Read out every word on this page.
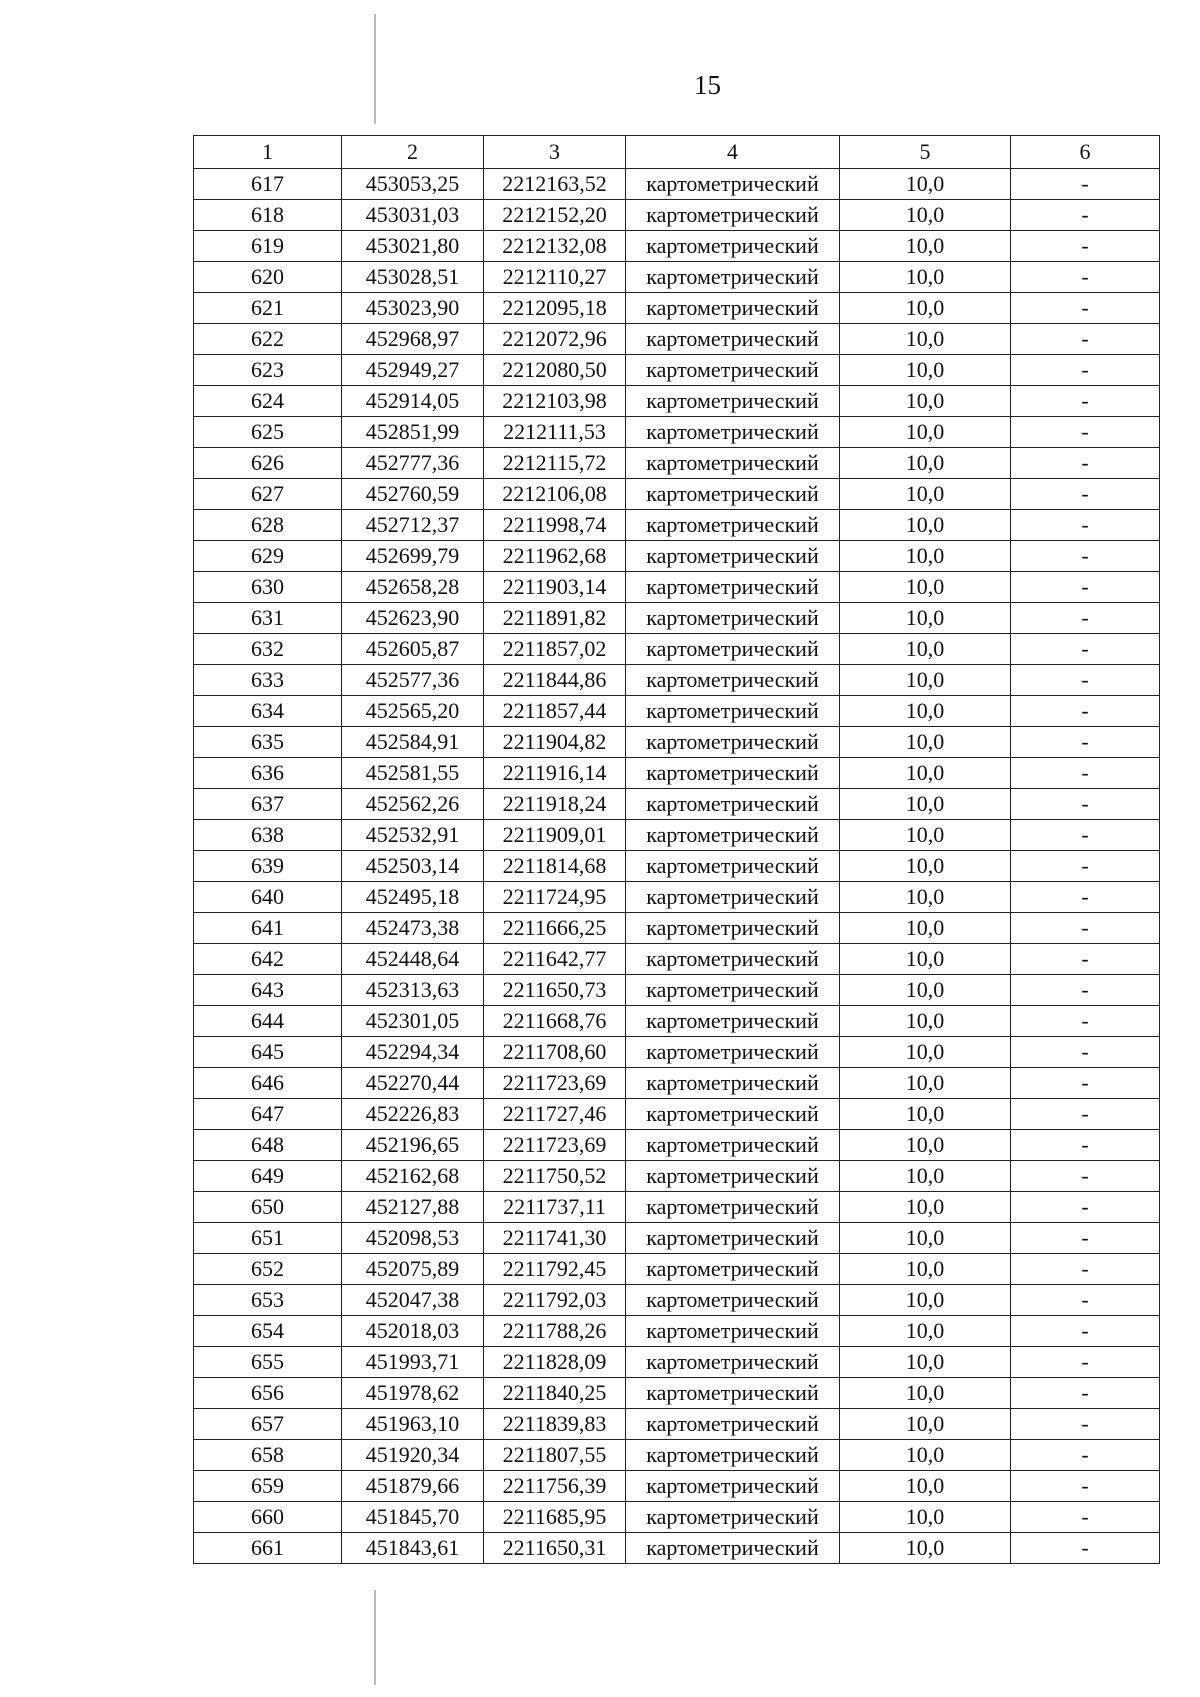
15
1	2	3	4	5	6
617	453053,25	2212163,52	картометрический	10,0	-
618	453031,03	2212152,20	картометрический	10,0	-
619	453021,80	2212132,08	картометрический	10,0	-
620	453028,51	2212110,27	картометрический	10,0	-
621	453023,90	2212095,18	картометрический	10,0	-
622	452968,97	2212072,96	картометрический	10,0	-
623	452949,27	2212080,50	картометрический	10,0	-
624	452914,05	2212103,98	картометрический	10,0	-
625	452851,99	2212111,53	картометрический	10,0	-
626	452777,36	2212115,72	картометрический	10,0	-
627	452760,59	2212106,08	картометрический	10,0	-
628	452712,37	2211998,74	картометрический	10,0	-
629	452699,79	2211962,68	картометрический	10,0	-
630	452658,28	2211903,14	картометрический	10,0	-
631	452623,90	2211891,82	картометрический	10,0	-
632	452605,87	2211857,02	картометрический	10,0	-
633	452577,36	2211844,86	картометрический	10,0	-
634	452565,20	2211857,44	картометрический	10,0	-
635	452584,91	2211904,82	картометрический	10,0	-
636	452581,55	2211916,14	картометрический	10,0	-
637	452562,26	2211918,24	картометрический	10,0	-
638	452532,91	2211909,01	картометрический	10,0	-
639	452503,14	2211814,68	картометрический	10,0	-
640	452495,18	2211724,95	картометрический	10,0	-
641	452473,38	2211666,25	картометрический	10,0	-
642	452448,64	2211642,77	картометрический	10,0	-
643	452313,63	2211650,73	картометрический	10,0	-
644	452301,05	2211668,76	картометрический	10,0	-
645	452294,34	2211708,60	картометрический	10,0	-
646	452270,44	2211723,69	картометрический	10,0	-
647	452226,83	2211727,46	картометрический	10,0	-
648	452196,65	2211723,69	картометрический	10,0	-
649	452162,68	2211750,52	картометрический	10,0	-
650	452127,88	2211737,11	картометрический	10,0	-
651	452098,53	2211741,30	картометрический	10,0	-
652	452075,89	2211792,45	картометрический	10,0	-
653	452047,38	2211792,03	картометрический	10,0	-
654	452018,03	2211788,26	картометрический	10,0	-
655	451993,71	2211828,09	картометрический	10,0	-
656	451978,62	2211840,25	картометрический	10,0	-
657	451963,10	2211839,83	картометрический	10,0	-
658	451920,34	2211807,55	картометрический	10,0	-
659	451879,66	2211756,39	картометрический	10,0	-
660	451845,70	2211685,95	картометрический	10,0	-
661	451843,61	2211650,31	картометрический	10,0	-
